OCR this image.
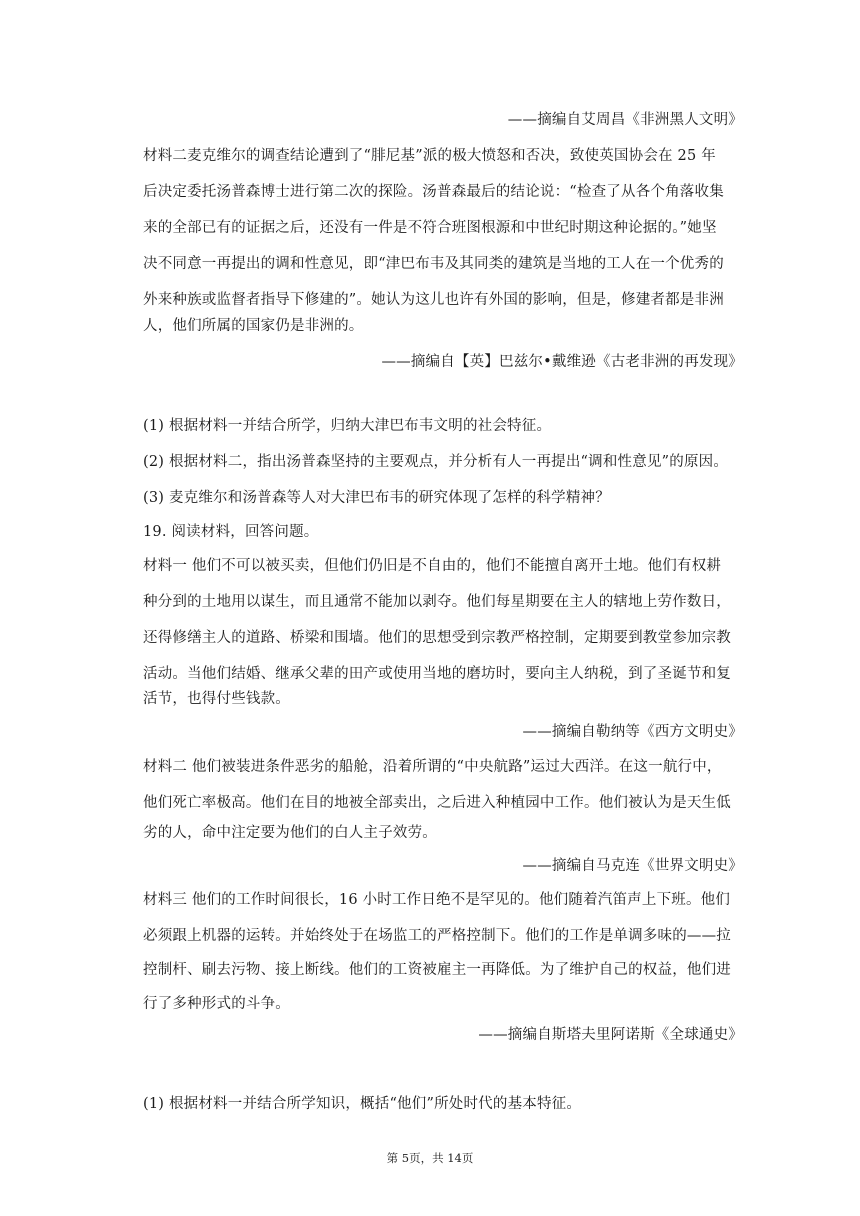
——摘编自艾周昌《非洲黑人文明》
材料二麦克维尔的调查结论遭到了“腓尼基”派的极大愤怒和否决，致使英国协会在 25 年
后决定委托汤普森博士进行第二次的探险。汤普森最后的结论说：“检查了从各个角落收集
来的全部已有的证据之后，还没有一件是不符合班图根源和中世纪时期这种论据的。”她坚
决不同意一再提出的调和性意见，即“津巴布韦及其同类的建筑是当地的工人在一个优秀的
外来种族或监督者指导下修建的”。她认为这儿也许有外国的影响，但是，修建者都是非洲
人，他们所属的国家仍是非洲的。
——摘编自【英】巴兹尔•戴维逊《古老非洲的再发现》
(1) 根据材料一并结合所学，归纳大津巴布韦文明的社会特征。
(2) 根据材料二，指出汤普森坚持的主要观点，并分析有人一再提出“调和性意见”的原因。
(3) 麦克维尔和汤普森等人对大津巴布韦的研究体现了怎样的科学精神？
19. 阅读材料，回答问题。
材料一 他们不可以被买卖，但他们仍旧是不自由的，他们不能擅自离开土地。他们有权耕
种分到的土地用以谋生，而且通常不能加以剥夺。他们每星期要在主人的辖地上劳作数日，
还得修缮主人的道路、桥梁和围墙。他们的思想受到宗教严格控制，定期要到教堂参加宗教
活动。当他们结婚、继承父辈的田产或使用当地的磨坊时，要向主人纳税，到了圣诞节和复
活节，也得付些钱款。
——摘编自勒纳等《西方文明史》
材料二 他们被装进条件恶劣的船舱，沿着所谓的“中央航路”运过大西洋。在这一航行中，
他们死亡率极高。他们在目的地被全部卖出，之后进入种植园中工作。他们被认为是天生低
劣的人，命中注定要为他们的白人主子效劳。
——摘编自马克连《世界文明史》
材料三 他们的工作时间很长，16 小时工作日绝不是罕见的。他们随着汽笛声上下班。他们
必须跟上机器的运转。并始终处于在场监工的严格控制下。他们的工作是单调多味的——拉
控制杆、刷去污物、接上断线。他们的工资被雇主一再降低。为了维护自己的权益，他们进
行了多种形式的斗争。
——摘编自斯塔夫里阿诺斯《全球通史》
(1) 根据材料一并结合所学知识，概括“他们”所处时代的基本特征。
第 5页，共 14页
